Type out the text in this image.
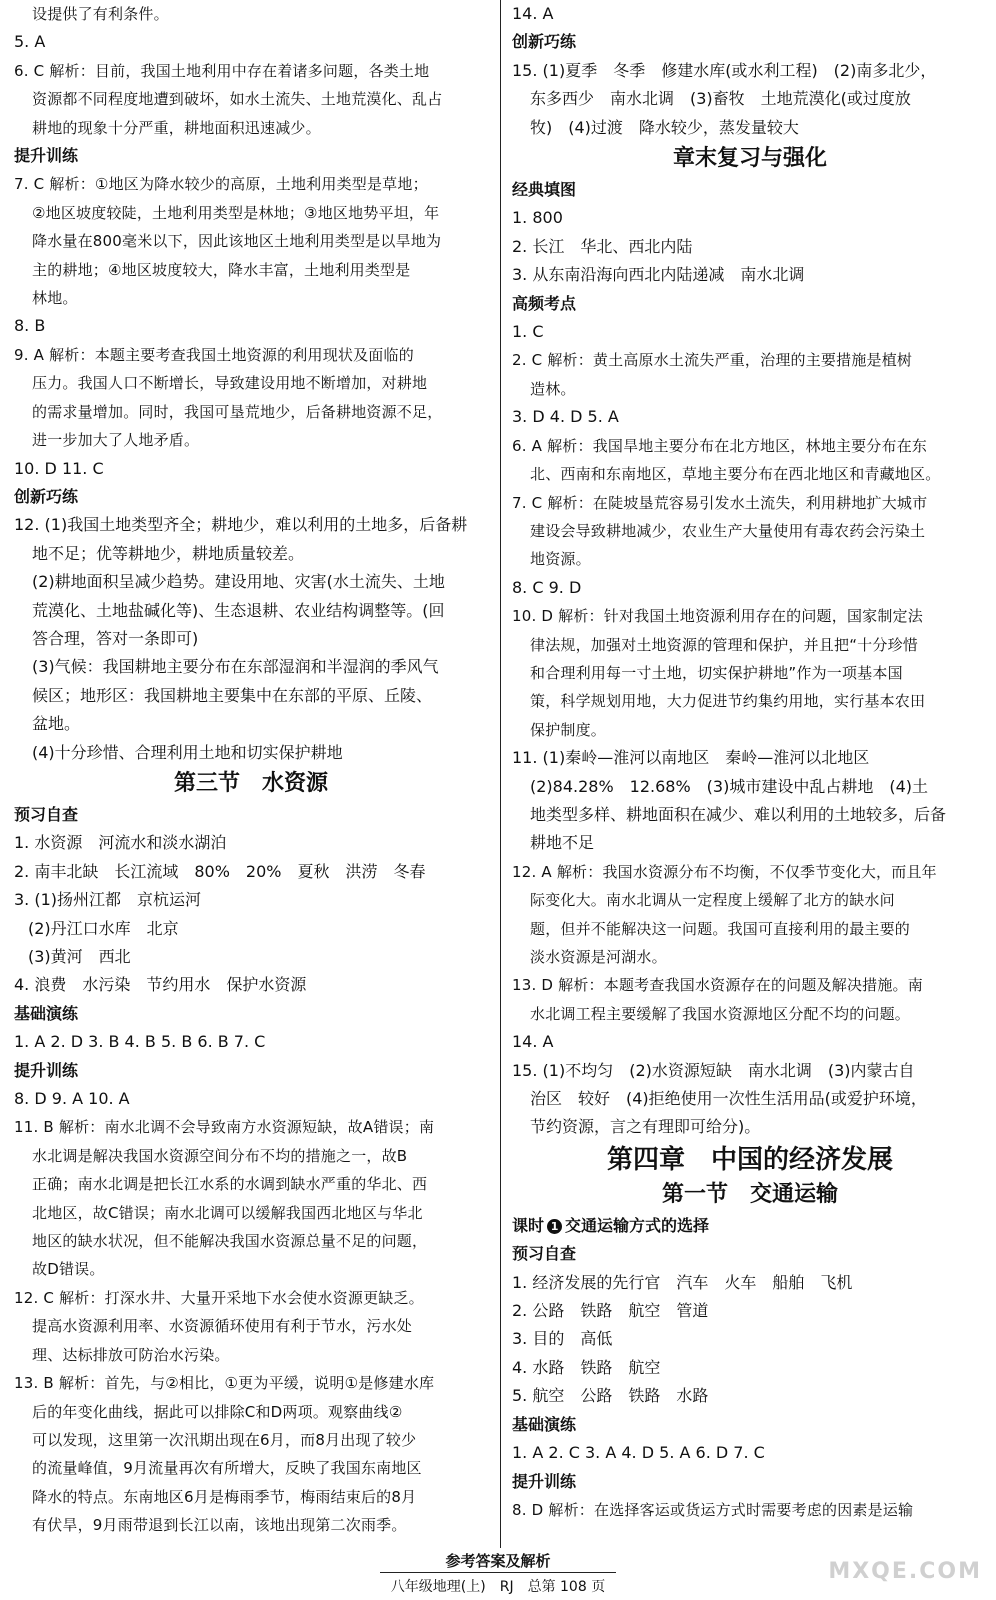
设提供了有利条件。
5. A
6. C 解析：目前，我国土地利用中存在着诸多问题，各类土地
资源都不同程度地遭到破坏，如水土流失、土地荒漠化、乱占
耕地的现象十分严重，耕地面积迅速减少。
提升训练
7. C 解析：①地区为降水较少的高原，土地利用类型是草地；
②地区坡度较陡，土地利用类型是林地；③地区地势平坦，年
降水量在800毫米以下，因此该地区土地利用类型是以旱地为
主的耕地；④地区坡度较大，降水丰富，土地利用类型是
林地。
8. B
9. A 解析：本题主要考查我国土地资源的利用现状及面临的
压力。我国人口不断增长，导致建设用地不断增加，对耕地
的需求量增加。同时，我国可垦荒地少，后备耕地资源不足，
进一步加大了人地矛盾。
10. D 11. C
创新巧练
12. (1)我国土地类型齐全；耕地少，难以利用的土地多，后备耕
地不足；优等耕地少，耕地质量较差。
(2)耕地面积呈减少趋势。建设用地、灾害(水土流失、土地
荒漠化、土地盐碱化等)、生态退耕、农业结构调整等。(回
答合理，答对一条即可)
(3)气候：我国耕地主要分布在东部湿润和半湿润的季风气
候区；地形区：我国耕地主要集中在东部的平原、丘陵、
盆地。
(4)十分珍惜、合理利用土地和切实保护耕地
第三节　水资源
预习自查
1. 水资源　河流水和淡水湖泊
2. 南丰北缺　长江流域　80%　20%　夏秋　洪涝　冬春
3. (1)扬州江都　京杭运河
(2)丹江口水库　北京
(3)黄河　西北
4. 浪费　水污染　节约用水　保护水资源
基础演练
1. A 2. D 3. B 4. B 5. B 6. B 7. C
提升训练
8. D 9. A 10. A
11. B 解析：南水北调不会导致南方水资源短缺，故A错误；南
水北调是解决我国水资源空间分布不均的措施之一，故B
正确；南水北调是把长江水系的水调到缺水严重的华北、西
北地区，故C错误；南水北调可以缓解我国西北地区与华北
地区的缺水状况，但不能解决我国水资源总量不足的问题，
故D错误。
12. C 解析：打深水井、大量开采地下水会使水资源更缺乏。
提高水资源利用率、水资源循环使用有利于节水，污水处
理、达标排放可防治水污染。
13. B 解析：首先，与②相比，①更为平缓，说明①是修建水库
后的年变化曲线，据此可以排除C和D两项。观察曲线②
可以发现，这里第一次汛期出现在6月，而8月出现了较少
的流量峰值，9月流量再次有所增大，反映了我国东南地区
降水的特点。东南地区6月是梅雨季节，梅雨结束后的8月
有伏旱，9月雨带退到长江以南，该地出现第二次雨季。
14. A
创新巧练
15. (1)夏季　冬季　修建水库(或水利工程)　(2)南多北少，
东多西少　南水北调　(3)畜牧　土地荒漠化(或过度放
牧)　(4)过渡　降水较少，蒸发量较大
章末复习与强化
经典填图
1. 800
2. 长江　华北、西北内陆
3. 从东南沿海向西北内陆递减　南水北调
高频考点
1. C
2. C 解析：黄土高原水土流失严重，治理的主要措施是植树
造林。
3. D 4. D 5. A
6. A 解析：我国旱地主要分布在北方地区，林地主要分布在东
北、西南和东南地区，草地主要分布在西北地区和青藏地区。
7. C 解析：在陡坡垦荒容易引发水土流失，利用耕地扩大城市
建设会导致耕地减少，农业生产大量使用有毒农药会污染土
地资源。
8. C 9. D
10. D 解析：针对我国土地资源利用存在的问题，国家制定法
律法规，加强对土地资源的管理和保护，并且把“十分珍惜
和合理利用每一寸土地，切实保护耕地”作为一项基本国
策，科学规划用地，大力促进节约集约用地，实行基本农田
保护制度。
11. (1)秦岭—淮河以南地区　秦岭—淮河以北地区
(2)84.28%　12.68%　(3)城市建设中乱占耕地　(4)土
地类型多样、耕地面积在减少、难以利用的土地较多，后备
耕地不足
12. A 解析：我国水资源分布不均衡，不仅季节变化大，而且年
际变化大。南水北调从一定程度上缓解了北方的缺水问
题，但并不能解决这一问题。我国可直接利用的最主要的
淡水资源是河湖水。
13. D 解析：本题考查我国水资源存在的问题及解决措施。南
水北调工程主要缓解了我国水资源地区分配不均的问题。
14. A
15. (1)不均匀　(2)水资源短缺　南水北调　(3)内蒙古自
治区　较好　(4)拒绝使用一次性生活用品(或爱护环境，
节约资源，言之有理即可给分)。
第四章　中国的经济发展
第一节　交通运输
课时 1 交通运输方式的选择
预习自查
1. 经济发展的先行官　汽车　火车　船舶　飞机
2. 公路　铁路　航空　管道
3. 目的　高低
4. 水路　铁路　航空
5. 航空　公路　铁路　水路
基础演练
1. A 2. C 3. A 4. D 5. A 6. D 7. C
提升训练
8. D 解析：在选择客运或货运方式时需要考虑的因素是运输
参考答案及解析
八年级地理(上)　RJ　总第 108 页
MXQE.COM
